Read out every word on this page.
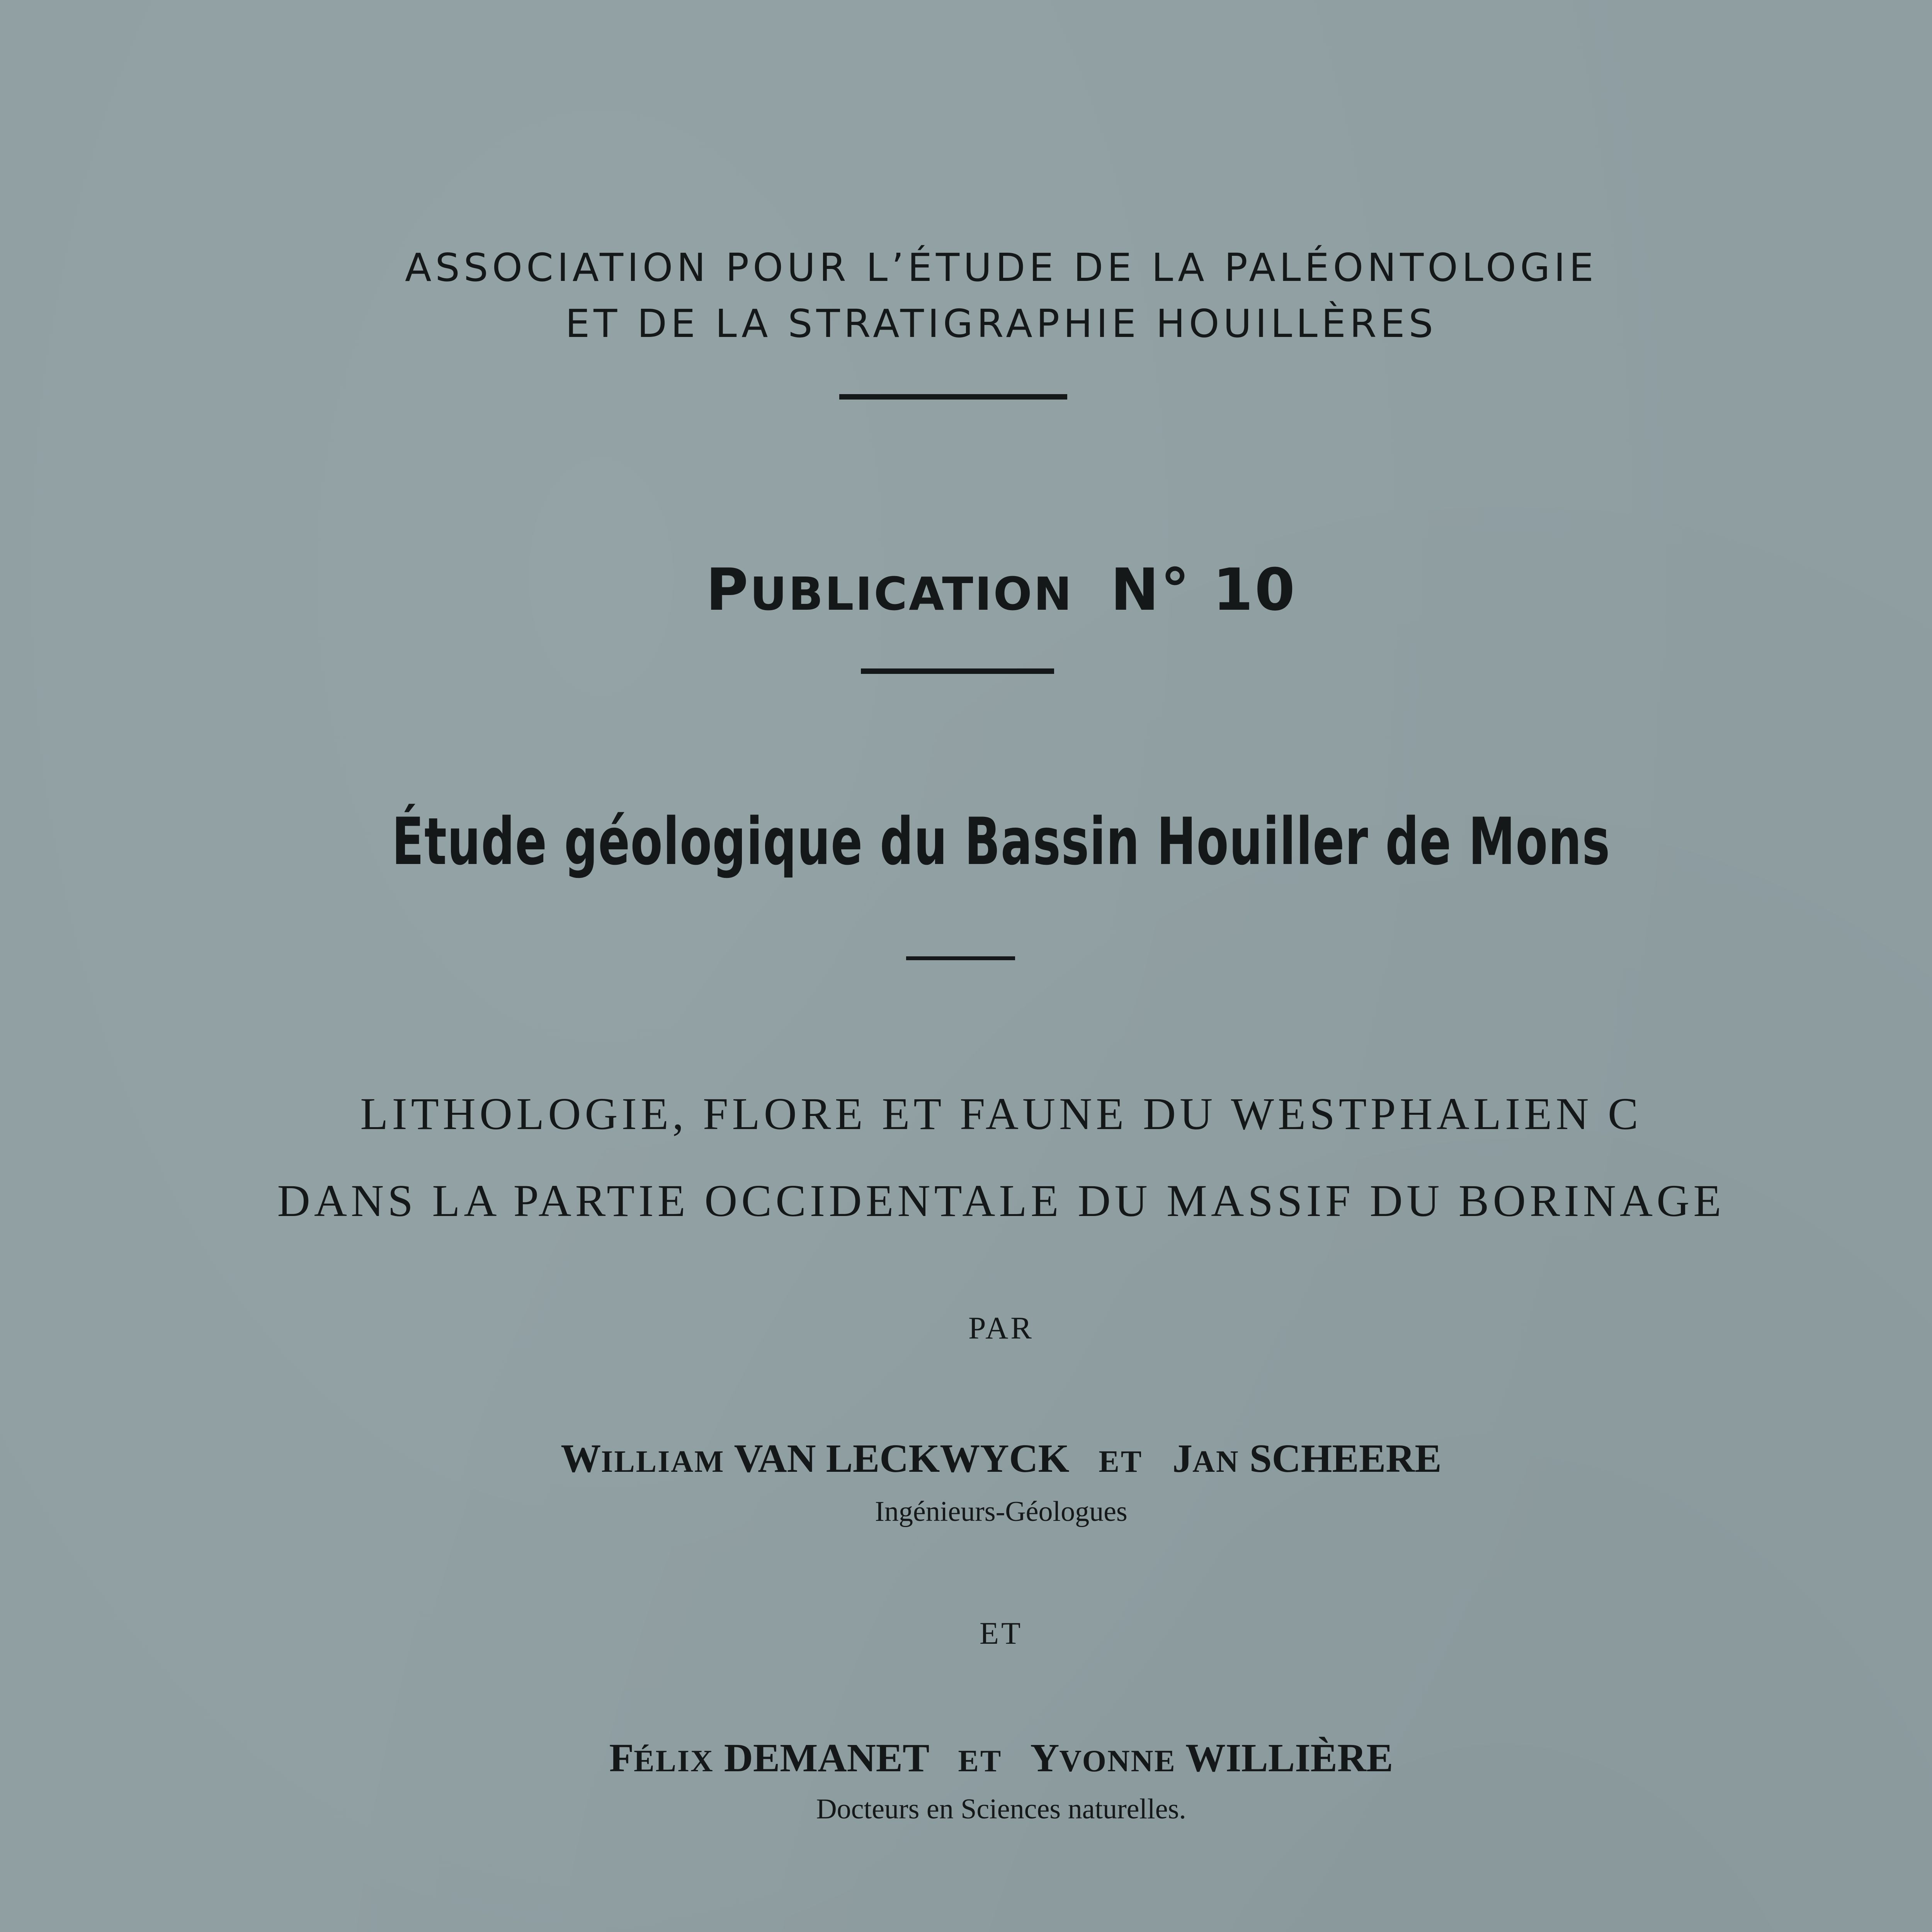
ASSOCIATION POUR L’ÉTUDE DE LA PALÉONTOLOGIE
ET DE LA STRATIGRAPHIE HOUILLÈRES
PUBLICATION N° 10
Étude géologique du Bassin Houiller de Mons
LITHOLOGIE, FLORE ET FAUNE DU WESTPHALIEN C
DANS LA PARTIE OCCIDENTALE DU MASSIF DU BORINAGE
PAR
WILLIAM VAN LECKWYCK ET JAN SCHEERE
Ingénieurs-Géologues
ET
FÉLIX DEMANET ET YVONNE WILLIÈRE
Docteurs en Sciences naturelles.
